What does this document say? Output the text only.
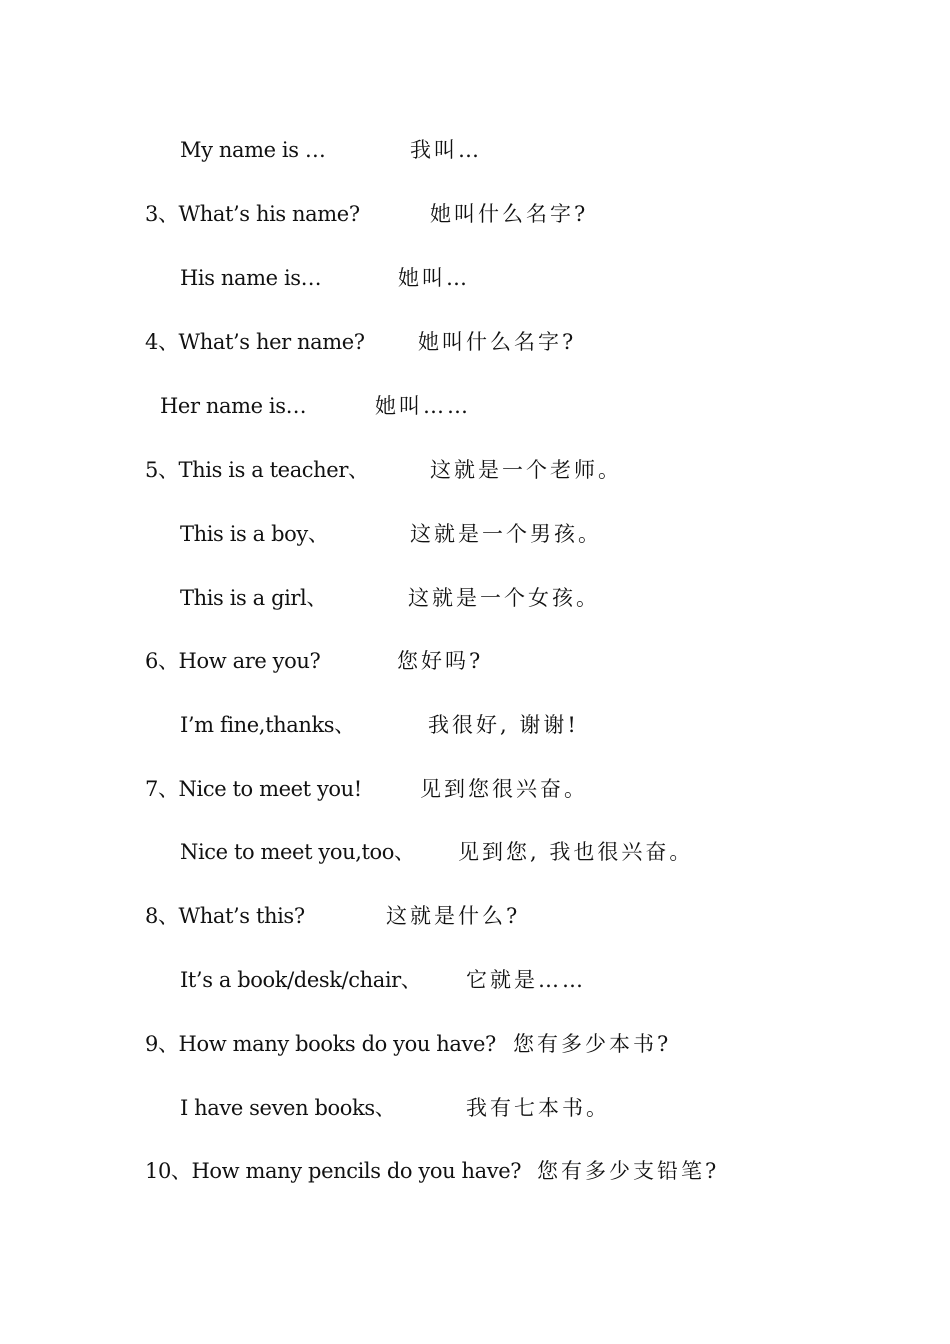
My name is …	我叫…
3、What’s his name?	她叫什么名字?
His name is…	她叫…
4、What’s her name?	她叫什么名字?
Her name is…	她叫……
5、This is a teacher、	这就是一个老师。
This is a boy、	这就是一个男孩。
This is a girl、	这就是一个女孩。
6、How are you?	您好吗?
I’m fine,thanks、	我很好, 谢谢!
7、Nice to meet you!	见到您很兴奋。
Nice to meet you,too、 见到您, 我也很兴奋。
8、What’s this?	这就是什么?
It’s a book/desk/chair、 它就是……
9、How many books do you have? 您有多少本书?
I have seven books、	我有七本书。
10、How many pencils do you have? 您有多少支铅笔?
